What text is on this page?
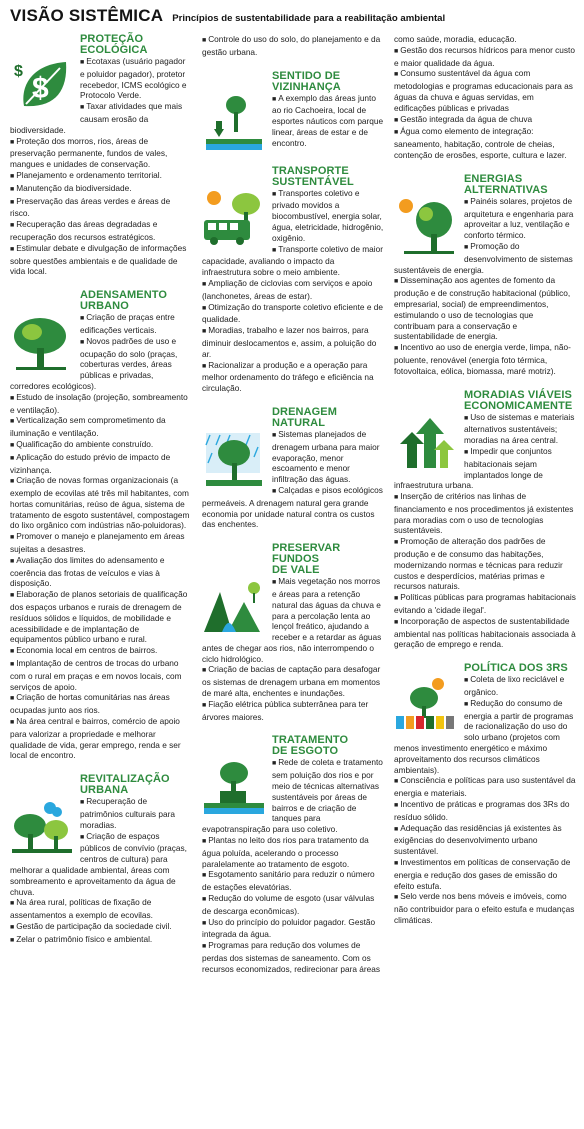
VISÃO SISTÊMICA Princípios de sustentabilidade para a reabilitação ambiental
PROTEÇÃO
ECOLÓGICA
$
$

■ Ecotaxas (usuário pagador e poluidor pagador), protetor recebedor, ICMS ecológico e Protocolo Verde.

■ Taxar atividades que mais causam erosão da biodiversidade.

■ Proteção dos morros, rios, áreas de preservação permanente, fundos de vales, mangues e unidades de conservação.

■ Planejamento e ordenamento territorial.

■ Manutenção da biodiversidade.

■ Preservação das áreas verdes e áreas de risco.

■ Recuperação das áreas degradadas e recuperação dos recursos estratégicos.

■ Estimular debate e divulgação de informações sobre questões ambientais e de qualidade de vida local.

ADENSAMENTO
URBANO

■ Criação de praças entre edificações verticais.

■ Novos padrões de uso e ocupação do solo (praças, coberturas verdes, áreas públicas e privadas, corredores ecológicos).

■ Estudo de insolação (projeção, sombreamento e ventilação).

■ Verticalização sem comprometimento da iluminação e ventilação.

■ Qualificação do ambiente construído.

■ Aplicação do estudo prévio de impacto de vizinhança.

■ Criação de novas formas organizacionais (a exemplo de ecovilas até três mil habitantes, com hortas comunitárias, reúso de água, sistema de tratamento de esgoto sustentável, compostagem do lixo orgânico com indústrias não-poluidoras).

■ Promover o manejo e planejamento em áreas sujeitas a desastres.

■ Avaliação dos limites do adensamento e coerência das frotas de veículos e vias à disposição.

■ Elaboração de planos setoriais de qualificação dos espaços urbanos e rurais de drenagem de resíduos sólidos e líquidos, de mobilidade e acessibilidade e de implantação de equipamentos público urbano e rural.

■ Economia local em centros de bairros.

■ Implantação de centros de trocas do urbano com o rural em praças e em novos locais, com serviços de apoio.

■ Criação de hortas comunitárias nas áreas ocupadas junto aos rios.

■ Na área central e bairros, comércio de apoio para valorizar a propriedade e melhorar qualidade de vida, gerar emprego, renda e ser local de encontro.

REVITALIZAÇÃO URBANA

■ Recuperação de patrimônios culturais para moradias.

■ Criação de espaços públicos de convívio (praças, centros de cultura) para melhorar a qualidade ambiental, áreas com sombreamento e aproveitamento da água de chuva.

■ Na área rural, políticas de fixação de assentamentos a exemplo de ecovilas.

■ Gestão de participação da sociedade civil.

■ Zelar o patrimônio físico e ambiental.

■ Controle do uso do solo, do planejamento e da gestão urbana.

SENTIDO DE
VIZINHANÇA

■ A exemplo das áreas junto ao rio Cachoeira, local de esportes náuticos com parque linear, áreas de estar e de encontro.

TRANSPORTE
SUSTENTÁVEL

■ Transportes coletivo e privado movidos a biocombustível, energia solar, água, eletricidade, hidrogênio, oxigênio.

■ Transporte coletivo de maior capacidade, avaliando o impacto da infraestrutura sobre o meio ambiente.

■ Ampliação de ciclovias com serviços e apoio (lanchonetes, áreas de estar).

■ Otimização do transporte coletivo eficiente e de qualidade.

■ Moradias, trabalho e lazer nos bairros, para diminuir deslocamentos e, assim, a poluição do ar.

■ Racionalizar a produção e a operação para melhor ordenamento do tráfego e eficiência na circulação.

DRENAGEM NATURAL

■ Sistemas planejados de drenagem urbana para maior evaporação, menor escoamento e menor infiltração das águas.

■ Calçadas e pisos ecológicos permeáveis. A drenagem natural gera grande economia por unidade natural contra os custos das enchentes.

PRESERVAR FUNDOS
DE VALE

■ Mais vegetação nos morros e áreas para a retenção natural das águas da chuva e para a percolação lenta ao lençol freático, ajudando a receber e a retardar as águas antes de chegar aos rios, não interrompendo o ciclo hidrológico.

■ Criação de bacias de captação para desafogar os sistemas de drenagem urbana em momentos de maré alta, enchentes e inundações.

■ Fiação elétrica pública subterrânea para ter árvores maiores.

TRATAMENTO
DE ESGOTO

■ Rede de coleta e tratamento sem poluição dos rios e por meio de técnicas alternativas sustentáveis por áreas de bairros e de criação de tanques para evapotranspiração para uso coletivo.

■ Plantas no leito dos rios para tratamento da água poluída, acelerando o processo paralelamente ao tratamento de esgoto.

■ Esgotamento sanitário para reduzir o número de estações elevatórias.

■ Redução do volume de esgoto (usar válvulas de descarga econômicas).

■ Uso do princípio do poluidor pagador. Gestão integrada da água.

■ Programas para redução dos volumes de perdas dos sistemas de saneamento. Com os recursos economizados, redirecionar para áreas

como saúde, moradia, educação.

■ Gestão dos recursos hídricos para menor custo e maior qualidade da água.

■ Consumo sustentável da água com metodologias e programas educacionais para as águas da chuva e águas servidas, em edificações públicas e privadas

■ Gestão integrada da água de chuva

■ Água como elemento de integração: saneamento, habitação, controle de cheias, contenção de erosões, esporte, cultura e lazer.

ENERGIAS
ALTERNATIVAS

■ Painéis solares, projetos de arquitetura e engenharia para aproveitar a luz, ventilação e conforto térmico.

■ Promoção do desenvolvimento de sistemas sustentáveis de energia.

■ Disseminação aos agentes de fomento da produção e de construção habitacional (público, empresarial, social) de empreendimentos, estimulando o uso de tecnologias que contribuam para a conservação e sustentabilidade de energia.

■ Incentivo ao uso de energia verde, limpa, não-poluente, renovável (energia foto térmica, fotovoltaica, eólica, biomassa, maré motriz).

MORADIAS VIÁVEIS
ECONOMICAMENTE

■ Uso de sistemas e materiais alternativos sustentáveis; moradias na área central.

■ Impedir que conjuntos habitacionais sejam implantados longe de infraestrutura urbana.

■ Inserção de critérios nas linhas de financiamento e nos procedimentos já existentes para moradias com o uso de tecnologias sustentáveis.

■ Promoção de alteração dos padrões de produção e de consumo das habitações, modernizando normas e técnicas para reduzir custos e desperdícios, matérias primas e recursos naturais.

■ Políticas públicas para programas habitacionais evitando a 'cidade ilegal'.

■ Incorporação de aspectos de sustentabilidade ambiental nas políticas habitacionais associada à geração de emprego e renda.

POLÍTICA DOS 3RS

■ Coleta de lixo reciclável e orgânico.

■ Redução do consumo de energia a partir de programas de racionalização do uso do solo urbano (projetos com menos investimento energético e máximo aproveitamento dos recursos climáticos ambientais).

■ Consciência e políticas para uso sustentável da energia e materiais.

■ Incentivo de práticas e programas dos 3Rs do resíduo sólido.

■ Adequação das residências já existentes às exigências do desenvolvimento urbano sustentável.

■ Investimentos em políticas de conservação de energia e redução dos gases de emissão do efeito estufa.

■ Selo verde nos bens móveis e imóveis, como não contribuidor para o efeito estufa e mudanças climáticas.
